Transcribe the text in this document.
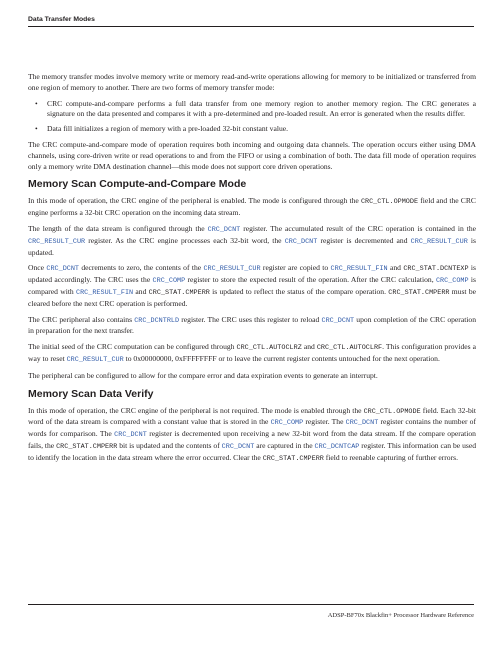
Data Transfer Modes

The memory transfer modes involve memory write or memory read-and-write operations allowing for memory to be initialized or transferred from one region of memory to another. There are two forms of memory transfer mode:

• CRC compute-and-compare performs a full data transfer from one memory region to another memory region. The CRC generates a signature on the data presented and compares it with a pre-determined and pre-loaded result. An error is generated when the results differ.
• Data fill initializes a region of memory with a pre-loaded 32-bit constant value.

The CRC compute-and-compare mode of operation requires both incoming and outgoing data channels. The operation occurs either using DMA channels, using core-driven write or read operations to and from the FIFO or using a combination of both. The data fill mode of operation requires only a memory write DMA destination channel—this mode does not support core driven operations.

Memory Scan Compute-and-Compare Mode

In this mode of operation, the CRC engine of the peripheral is enabled. The mode is configured through the CRC_CTL.OPMODE field and the CRC engine performs a 32-bit CRC operation on the incoming data stream.

The length of the data stream is configured through the CRC_DCNT register. The accumulated result of the CRC operation is contained in the CRC_RESULT_CUR register. As the CRC engine processes each 32-bit word, the CRC_DCNT register is decremented and CRC_RESULT_CUR is updated.

Once CRC_DCNT decrements to zero, the contents of the CRC_RESULT_CUR register are copied to CRC_RESULT_FIN and CRC_STAT.DCNTEXP is updated accordingly. The CRC uses the CRC_COMP register to store the expected result of the operation. After the CRC calculation, CRC_COMP is compared with CRC_RESULT_FIN and CRC_STAT.CMPERR is updated to reflect the status of the compare operation. CRC_STAT.CMPERR must be cleared before the next CRC operation is performed.

The CRC peripheral also contains CRC_DCNTRLD register. The CRC uses this register to reload CRC_DCNT upon completion of the CRC operation in preparation for the next transfer.

The initial seed of the CRC computation can be configured through CRC_CTL.AUTOCLRZ and CRC_CTL.AUTOCLRF. This configuration provides a way to reset CRC_RESULT_CUR to 0x00000000, 0xFFFFFFFF or to leave the current register contents untouched for the next operation.

The peripheral can be configured to allow for the compare error and data expiration events to generate an interrupt.

Memory Scan Data Verify

In this mode of operation, the CRC engine of the peripheral is not required. The mode is enabled through the CRC_CTL.OPMODE field. Each 32-bit word of the data stream is compared with a constant value that is stored in the CRC_COMP register. The CRC_DCNT register contains the number of words for comparison. The CRC_DCNT register is decremented upon receiving a new 32-bit word from the data stream. If the compare operation fails, the CRC_STAT.CMPERR bit is updated and the contents of CRC_DCNT are captured in the CRC_DCNTCAP register. This information can be used to identify the location in the data stream where the error occurred. Clear the CRC_STAT.CMPERR field to reenable capturing of further errors.

ADSP-BF70x Blackfin+ Processor Hardware Reference
